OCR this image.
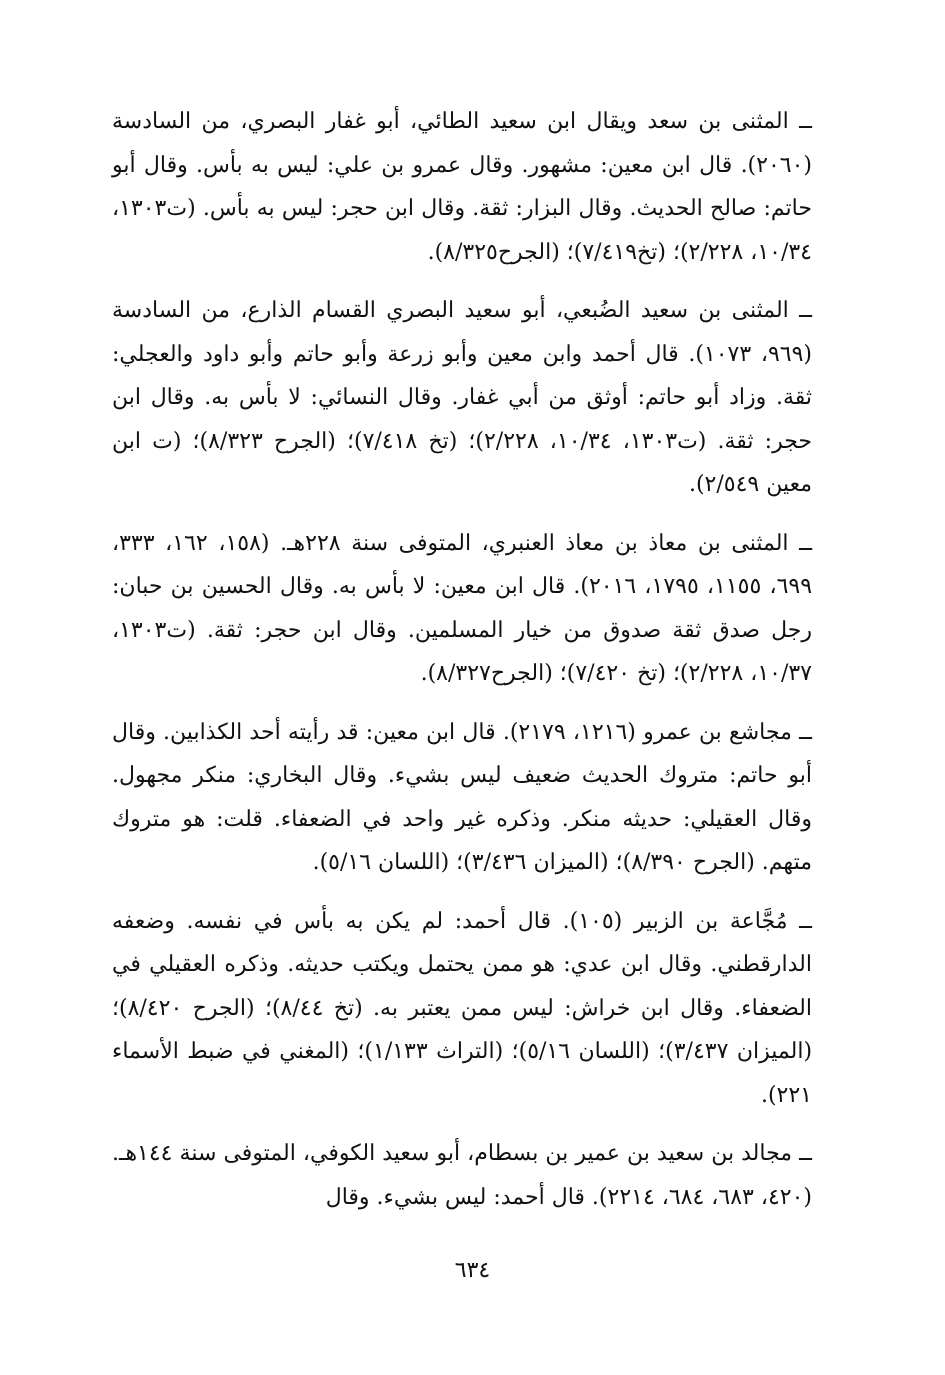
ــ المثنى بن سعد ويقال ابن سعيد الطائي، أبو غفار البصري، من السادسة (٢٠٦٠). قال ابن معين: مشهور. وقال عمرو بن علي: ليس به بأس. وقال أبو حاتم: صالح الحديث. وقال البزار: ثقة. وقال ابن حجر: ليس به بأس. (ت١٣٠٣، ١٠/٣٤، ٢/٢٢٨)؛ (تخ٧/٤١٩)؛ (الجرح٨/٣٢٥).

ــ المثنى بن سعيد الضُبعي، أبو سعيد البصري القسام الذارع، من السادسة (٩٦٩، ١٠٧٣). قال أحمد وابن معين وأبو زرعة وأبو حاتم وأبو داود والعجلي: ثقة. وزاد أبو حاتم: أوثق من أبي غفار. وقال النسائي: لا بأس به. وقال ابن حجر: ثقة. (ت١٣٠٣، ١٠/٣٤، ٢/٢٢٨)؛ (تخ ٧/٤١٨)؛ (الجرح ٨/٣٢٣)؛ (ت ابن معين ٢/٥٤٩).

ــ المثنى بن معاذ بن معاذ العنبري، المتوفى سنة ٢٢٨هـ. (١٥٨، ١٦٢، ٣٣٣، ٦٩٩، ١١٥٥، ١٧٩٥، ٢٠١٦). قال ابن معين: لا بأس به. وقال الحسين بن حبان: رجل صدق ثقة صدوق من خيار المسلمين. وقال ابن حجر: ثقة. (ت١٣٠٣، ١٠/٣٧، ٢/٢٢٨)؛ (تخ ٧/٤٢٠)؛ (الجرح٨/٣٢٧).

ــ مجاشع بن عمرو (١٢١٦، ٢١٧٩). قال ابن معين: قد رأيته أحد الكذابين. وقال أبو حاتم: متروك الحديث ضعيف ليس بشيء. وقال البخاري: منكر مجهول. وقال العقيلي: حديثه منكر. وذكره غير واحد في الضعفاء. قلت: هو متروك متهم. (الجرح ٨/٣٩٠)؛ (الميزان ٣/٤٣٦)؛ (اللسان ٥/١٦).

ــ مُجَّاعة بن الزبير (١٠٥). قال أحمد: لم يكن به بأس في نفسه. وضعفه الدارقطني. وقال ابن عدي: هو ممن يحتمل ويكتب حديثه. وذكره العقيلي في الضعفاء. وقال ابن خراش: ليس ممن يعتبر به. (تخ ٨/٤٤)؛ (الجرح ٨/٤٢٠)؛ (الميزان ٣/٤٣٧)؛ (اللسان ٥/١٦)؛ (التراث ١/١٣٣)؛ (المغني في ضبط الأسماء ٢٢١).

ــ مجالد بن سعيد بن عمير بن بسطام، أبو سعيد الكوفي، المتوفى سنة ١٤٤هـ. (٤٢٠، ٦٨٣، ٦٨٤، ٢٢١٤). قال أحمد: ليس بشيء. وقال

٦٣٤
